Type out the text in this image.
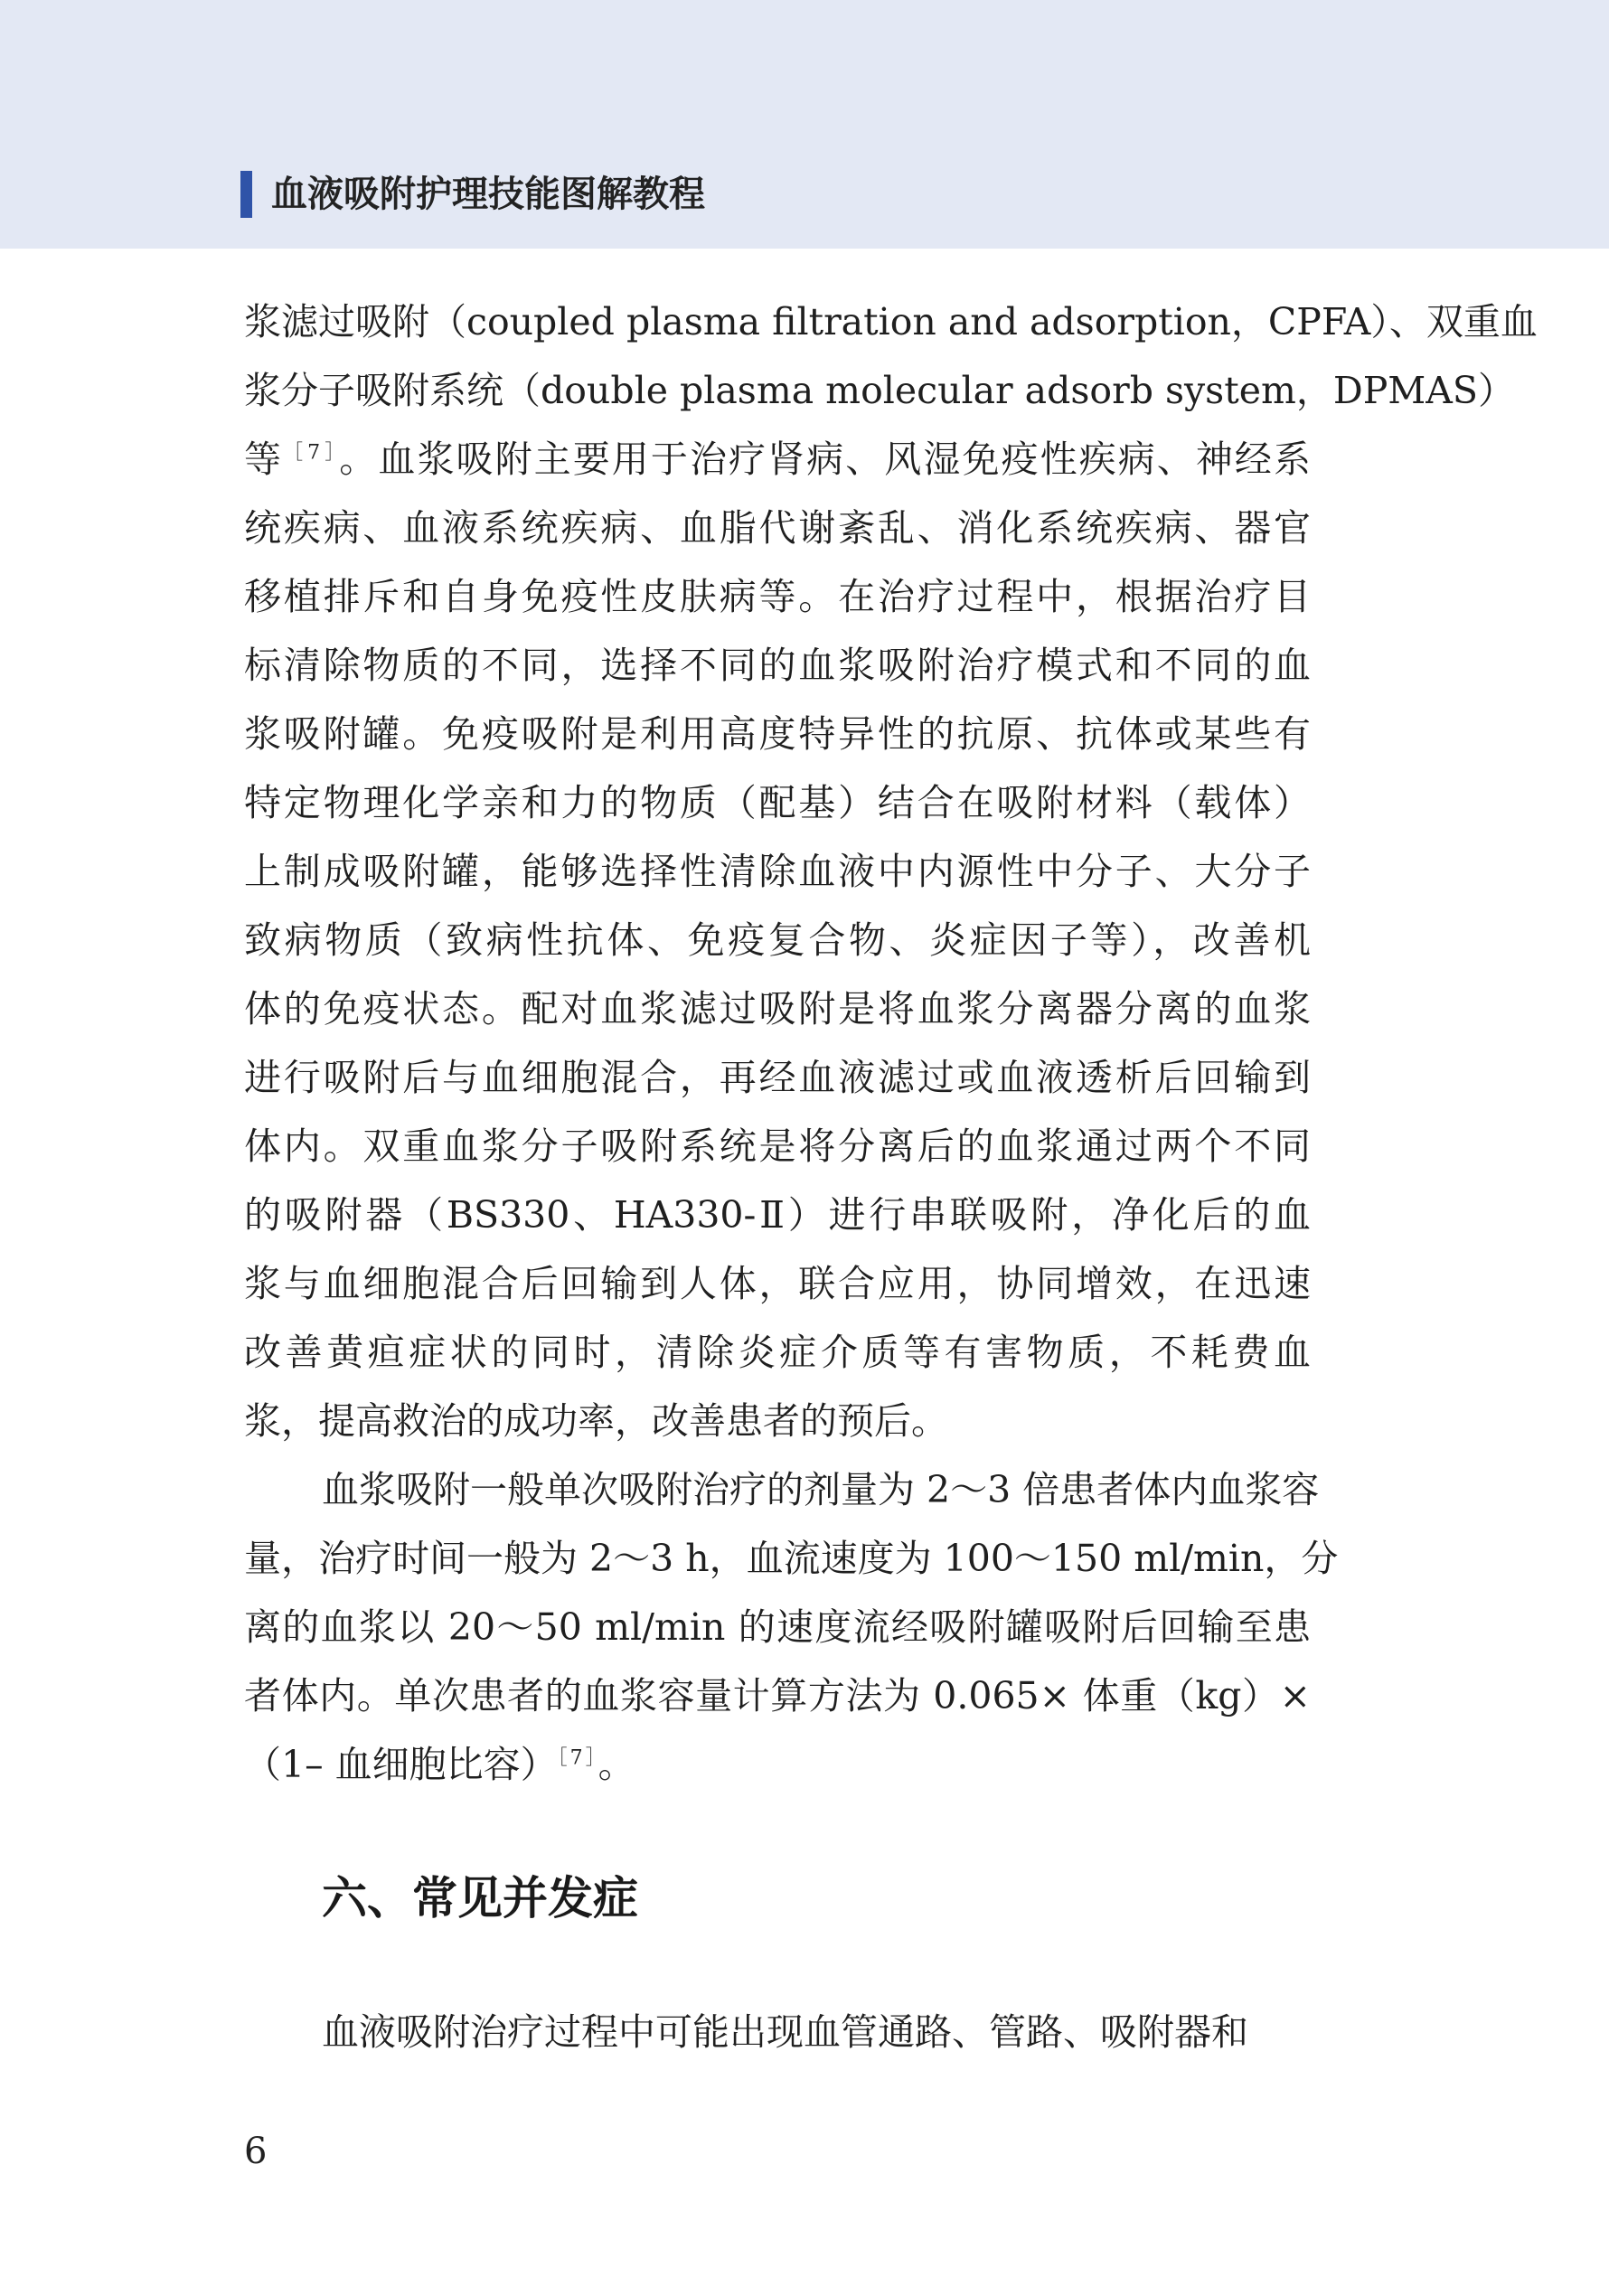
血液吸附护理技能图解教程
浆滤过吸附（coupled plasma filtration and adsorption，CPFA）、双重血
浆分子吸附系统（double plasma molecular adsorb system，DPMAS）
等$^{[7]}$。血浆吸附主要用于治疗肾病、风湿免疫性疾病、神经系
统疾病、血液系统疾病、血脂代谢紊乱、消化系统疾病、器官
移植排斥和自身免疫性皮肤病等。在治疗过程中，根据治疗目
标清除物质的不同，选择不同的血浆吸附治疗模式和不同的血
浆吸附罐。免疫吸附是利用高度特异性的抗原、抗体或某些有
特定物理化学亲和力的物质（配基）结合在吸附材料（载体）
上制成吸附罐，能够选择性清除血液中内源性中分子、大分子
致病物质（致病性抗体、免疫复合物、炎症因子等），改善机
体的免疫状态。配对血浆滤过吸附是将血浆分离器分离的血浆
进行吸附后与血细胞混合，再经血液滤过或血液透析后回输到
体内。双重血浆分子吸附系统是将分离后的血浆通过两个不同
的吸附器（BS330、HA330-Ⅱ）进行串联吸附，净化后的血
浆与血细胞混合后回输到人体，联合应用，协同增效，在迅速
改善黄疸症状的同时，清除炎症介质等有害物质，不耗费血
浆，提高救治的成功率，改善患者的预后。
血浆吸附一般单次吸附治疗的剂量为 2～3 倍患者体内血浆容
量，治疗时间一般为 2～3 h，血流速度为 100～150 ml/min，分
离的血浆以 20～50 ml/min 的速度流经吸附罐吸附后回输至患
者体内。单次患者的血浆容量计算方法为 0.065× 体重（kg）×
（1– 血细胞比容）$^{[7]}$。
六、常见并发症
血液吸附治疗过程中可能出现血管通路、管路、吸附器和
6
